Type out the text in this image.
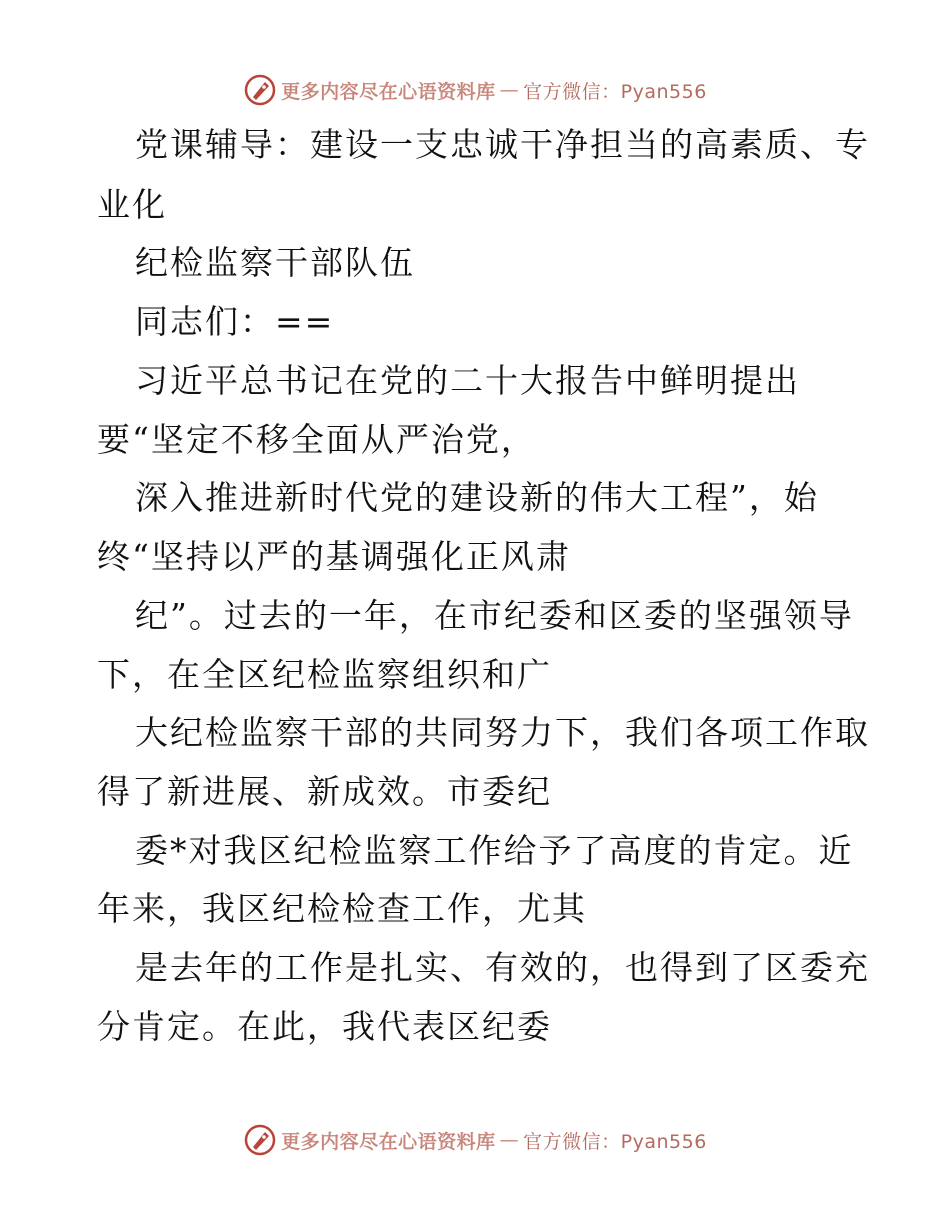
更多内容尽在心语资料库 — 官方微信：Pyan556
党课辅导：建设一支忠诚干净担当的高素质、专
业化
纪检监察干部队伍
同志们：==
习近平总书记在党的二十大报告中鲜明提出
要“坚定不移全面从严治党，
深入推进新时代党的建设新的伟大工程”，始
终“坚持以严的基调强化正风肃
纪”。过去的一年，在市纪委和区委的坚强领导
下，在全区纪检监察组织和广
大纪检监察干部的共同努力下，我们各项工作取
得了新进展、新成效。市委纪
委*对我区纪检监察工作给予了高度的肯定。近
年来，我区纪检检查工作，尤其
是去年的工作是扎实、有效的，也得到了区委充
分肯定。在此，我代表区纪委
更多内容尽在心语资料库 — 官方微信：Pyan556
